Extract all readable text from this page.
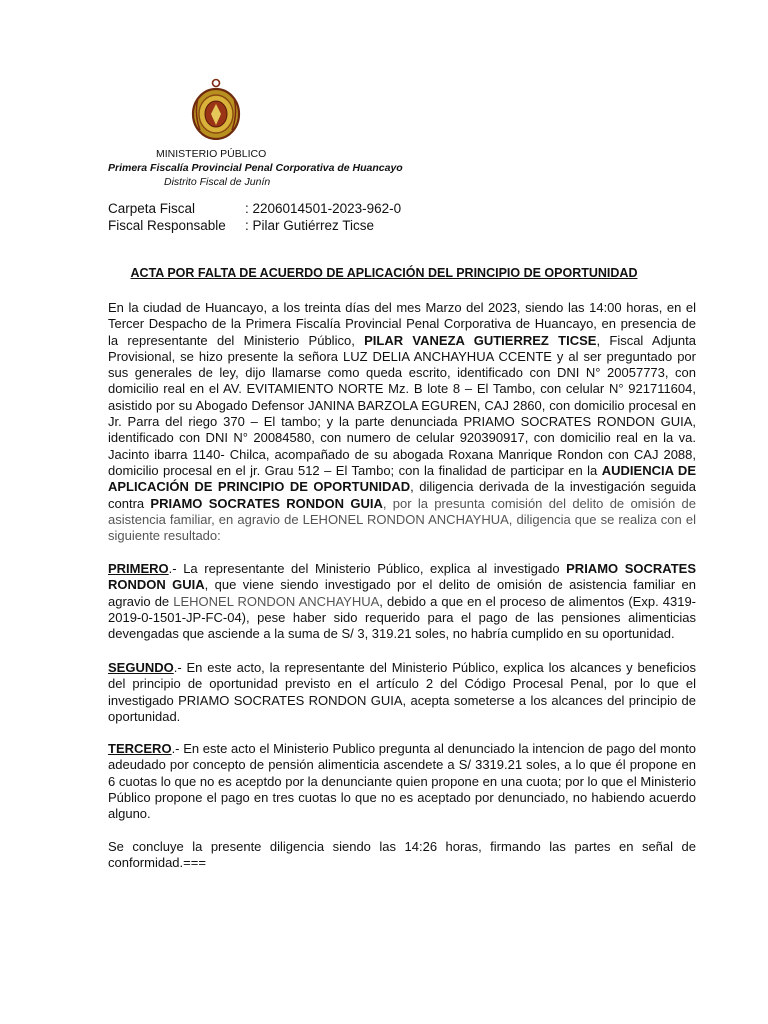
MINISTERIO PÚBLICO
Primera Fiscalía Provincial Penal Corporativa de Huancayo
Distrito Fiscal de Junín
Carpeta Fiscal	: 2206014501-2023-962-0
Fiscal Responsable	: Pilar Gutiérrez Ticse
ACTA POR FALTA DE ACUERDO DE APLICACIÓN DEL PRINCIPIO DE OPORTUNIDAD
En la ciudad de Huancayo, a los treinta días del mes Marzo del 2023, siendo las 14:00 horas, en el Tercer Despacho de la Primera Fiscalía Provincial Penal Corporativa de Huancayo, en presencia de la representante del Ministerio Público, PILAR VANEZA GUTIERREZ TICSE, Fiscal Adjunta Provisional, se hizo presente la señora LUZ DELIA ANCHAYHUA CCENTE y al ser preguntado por sus generales de ley, dijo llamarse como queda escrito, identificado con DNI N° 20057773, con domicilio real en el AV. EVITAMIENTO NORTE Mz. B lote 8 – El Tambo, con celular N° 921711604, asistido por su Abogado Defensor JANINA BARZOLA EGUREN, CAJ 2860, con domicilio procesal en Jr. Parra del riego 370 – El tambo; y la parte denunciada PRIAMO SOCRATES RONDON GUIA, identificado con DNI N° 20084580, con numero de celular 920390917, con domicilio real en la va. Jacinto ibarra 1140- Chilca, acompañado de su abogada Roxana Manrique Rondon con CAJ 2088, domicilio procesal en el jr. Grau 512 – El Tambo; con la finalidad de participar en la AUDIENCIA DE APLICACIÓN DE PRINCIPIO DE OPORTUNIDAD, diligencia derivada de la investigación seguida contra PRIAMO SOCRATES RONDON GUIA, por la presunta comisión del delito de omisión de asistencia familiar, en agravio de LEHONEL RONDON ANCHAYHUA, diligencia que se realiza con el siguiente resultado:
PRIMERO.- La representante del Ministerio Público, explica al investigado PRIAMO SOCRATES RONDON GUIA, que viene siendo investigado por el delito de omisión de asistencia familiar en agravio de LEHONEL RONDON ANCHAYHUA, debido a que en el proceso de alimentos (Exp. 4319-2019-0-1501-JP-FC-04), pese haber sido requerido para el pago de las pensiones alimenticias devengadas que asciende a la suma de S/ 3, 319.21 soles, no habría cumplido en su oportunidad.
SEGUNDO.- En este acto, la representante del Ministerio Público, explica los alcances y beneficios del principio de oportunidad previsto en el artículo 2 del Código Procesal Penal, por lo que el investigado PRIAMO SOCRATES RONDON GUIA, acepta someterse a los alcances del principio de oportunidad.
TERCERO.- En este acto el Ministerio Publico pregunta al denunciado la intencion de pago del monto adeudado por concepto de pensión alimenticia ascendete a S/ 3319.21 soles, a lo que él propone en 6 cuotas lo que no es aceptdo por la denunciante quien propone en una cuota; por lo que el Ministerio Público propone el pago en tres cuotas lo que no es aceptado por denunciado, no habiendo acuerdo alguno.
Se concluye la presente diligencia siendo las 14:26 horas, firmando las partes en señal de conformidad.===
